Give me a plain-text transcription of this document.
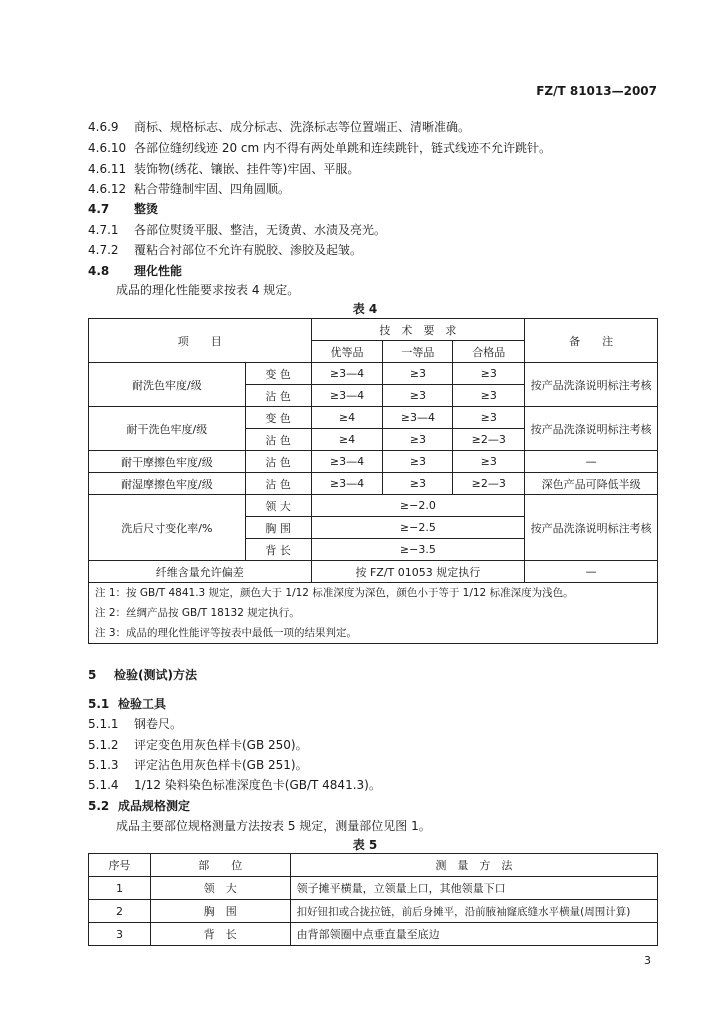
FZ/T 81013—2007
4.6.9 商标、规格标志、成分标志、洗涤标志等位置端正、清晰准确。
4.6.10 各部位缝纫线迹 20 cm 内不得有两处单跳和连续跳针，链式线迹不允许跳针。
4.6.11 装饰物(绣花、镶嵌、挂件等)牢固、平服。
4.6.12 粘合带缝制牢固、四角圆顺。
4.7 整烫
4.7.1 各部位熨烫平服、整洁，无烫黄、水渍及亮光。
4.7.2 覆粘合衬部位不允许有脱胶、渗胶及起皱。
4.8 理化性能
成品的理化性能要求按表 4 规定。
表 4
项　　目		技　术　要　求			备　　注
		优等品	一等品	合格品	
耐洗色牢度/级	变 色	≥3—4	≥3	≥3	按产品洗涤说明标注考核
	沾 色	≥3—4	≥3	≥3	
耐干洗色牢度/级	变 色	≥4	≥3—4	≥3	按产品洗涤说明标注考核
	沾 色	≥4	≥3	≥2—3	
耐干摩擦色牢度/级	沾 色	≥3—4	≥3	≥3	—
耐湿摩擦色牢度/级	沾 色	≥3—4	≥3	≥2—3	深色产品可降低半级
洗后尺寸变化率/%	领 大	≥−2.0			按产品洗涤说明标注考核
	胸 围	≥−2.5			
	背 长	≥−3.5			
纤维含量允许偏差		按 FZ/T 01053 规定执行			—

注 1：按 GB/T 4841.3 规定，颜色大于 1/12 标准深度为深色，颜色小于等于 1/12 标准深度为浅色。
注 2：丝绸产品按 GB/T 18132 规定执行。
注 3：成品的理化性能评等按表中最低一项的结果判定。					
5 检验(测试)方法
5.1 检验工具
5.1.1 钢卷尺。
5.1.2 评定变色用灰色样卡(GB 250)。
5.1.3 评定沾色用灰色样卡(GB 251)。
5.1.4 1/12 染料染色标准深度色卡(GB/T 4841.3)。
5.2 成品规格测定
成品主要部位规格测量方法按表 5 规定，测量部位见图 1。
表 5
序号	部　　位	测　量　方　法
1	领　大	领子摊平横量，立领量上口，其他领量下口
2	胸　围	扣好钮扣或合拢拉链，前后身摊平，沿前腋袖窿底缝水平横量(周围计算)
3	背　长	由背部领圈中点垂直量至底边
3
